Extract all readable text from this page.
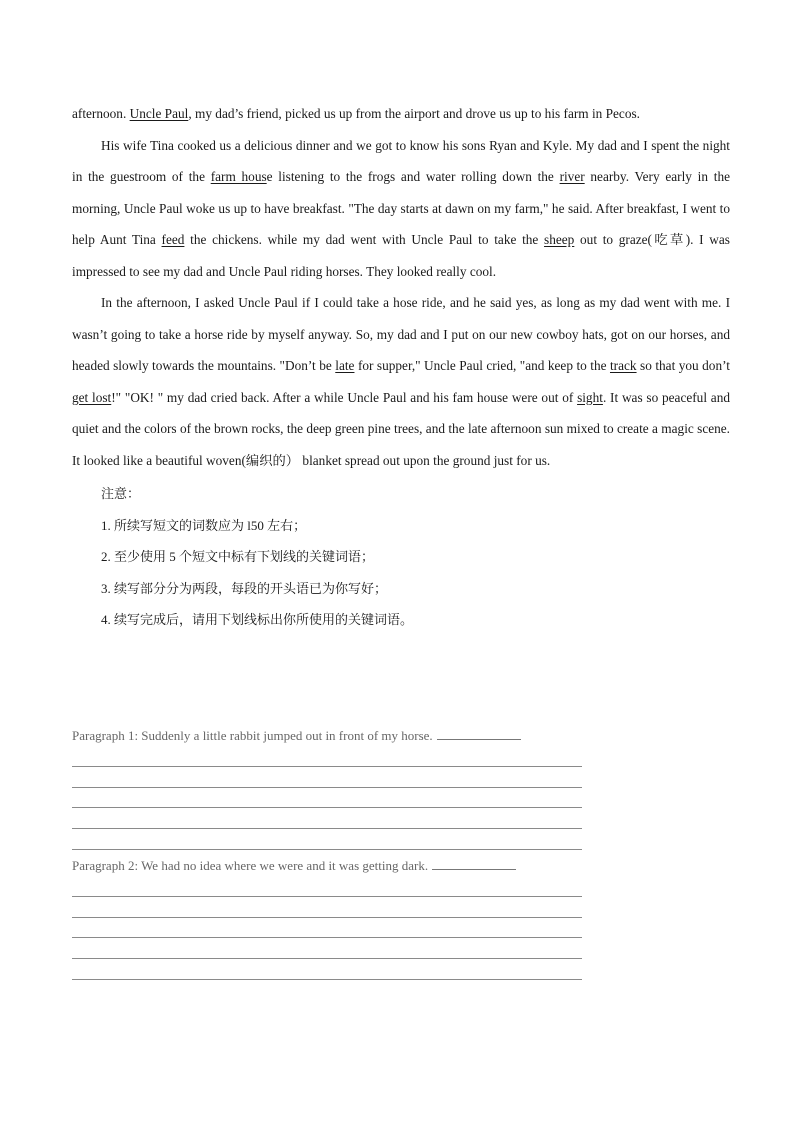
afternoon. Uncle Paul, my dad’s friend, picked us up from the airport and drove us up to his farm in Pecos.

His wife Tina cooked us a delicious dinner and we got to know his sons Ryan and Kyle. My dad and I spent the night in the guestroom of the farm house listening to the frogs and water rolling down the river nearby. Very early in the morning, Uncle Paul woke us up to have breakfast. "The day starts at dawn on my farm," he said. After breakfast, I went to help Aunt Tina feed the chickens. while my dad went with Uncle Paul to take the sheep out to graze(吃草). I was impressed to see my dad and Uncle Paul riding horses. They looked really cool.

In the afternoon, I asked Uncle Paul if I could take a hose ride, and he said yes, as long as my dad went with me. I wasn’t going to take a horse ride by myself anyway. So, my dad and I put on our new cowboy hats, got on our horses, and headed slowly towards the mountains. "Don’t be late for supper," Uncle Paul cried, "and keep to the track so that you don’t get lost!" "OK! " my dad cried back. After a while Uncle Paul and his fam house were out of sight. It was so peaceful and quiet and the colors of the brown rocks, the deep green pine trees, and the late afternoon sun mixed to create a magic scene. It looked like a beautiful woven(编织的） blanket spread out upon the ground just for us.

注意：

1. 所续写短文的词数应为 l50 左右；

2. 至少使用 5 个短文中标有下划线的关键词语；

3. 续写部分分为两段，每段的开头语已为你写好；

4. 续写完成后，请用下划线标出你所使用的关键词语。

Paragraph 1: Suddenly a little rabbit jumped out in front of my horse.
Paragraph 2: We had no idea where we were and it was getting dark.
